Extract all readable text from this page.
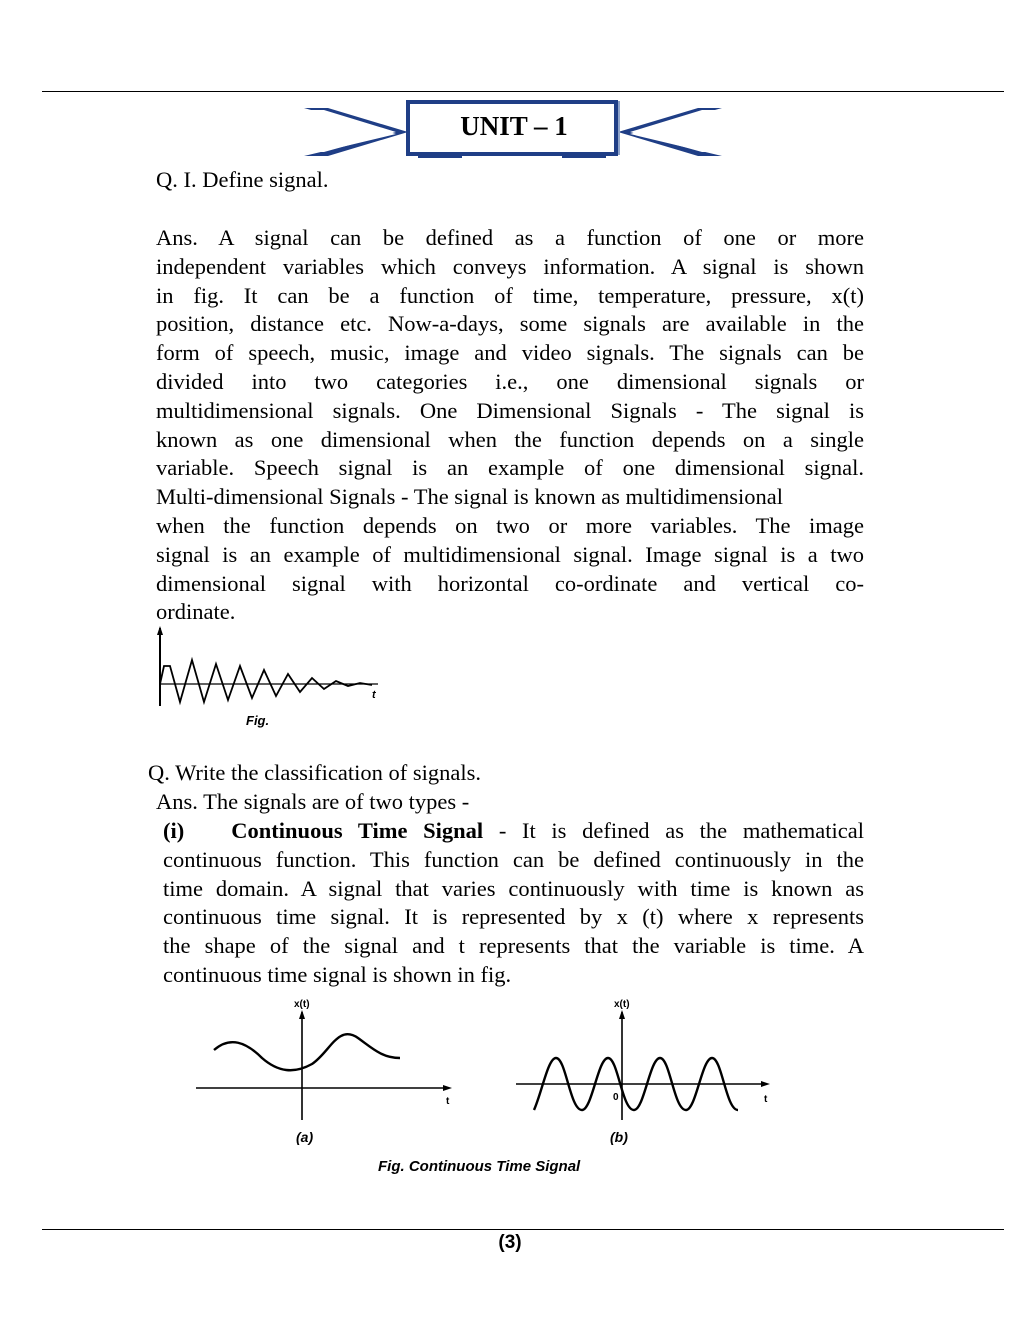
UNIT – 1
Q. I. Define signal.
Ans. A signal can be defined as a function of one or more
independent variables which conveys information. A signal is shown
in fig. It can be a function of time, temperature, pressure, x(t)
position, distance etc. Now-a-days, some signals are available in the
form of speech, music, image and video signals. The signals can be
divided into two categories i.e., one dimensional signals or
multidimensional signals. One Dimensional Signals - The signal is
known as one dimensional when the function depends on a single
variable. Speech signal is an example of one dimensional signal.
Multi-dimensional Signals - The signal is known as multidimensional
when the function depends on two or more variables. The image
signal is an example of multidimensional signal. Image signal is a two
dimensional signal with horizontal co-ordinate and vertical co-
ordinate.
t
Fig.
Q. Write the classification of signals.
Ans. The signals are of two types -
(i) Continuous Time Signal - It is defined as the mathematical
continuous function. This function can be defined continuously in the
time domain. A signal that varies continuously with time is known as
continuous time signal. It is represented by x (t) where x represents
the shape of the signal and t represents that the variable is time. A
continuous time signal is shown in fig.
x(t)
t
(a)
x(t)
0	t
(b)
Fig. Continuous Time Signal
(3)
